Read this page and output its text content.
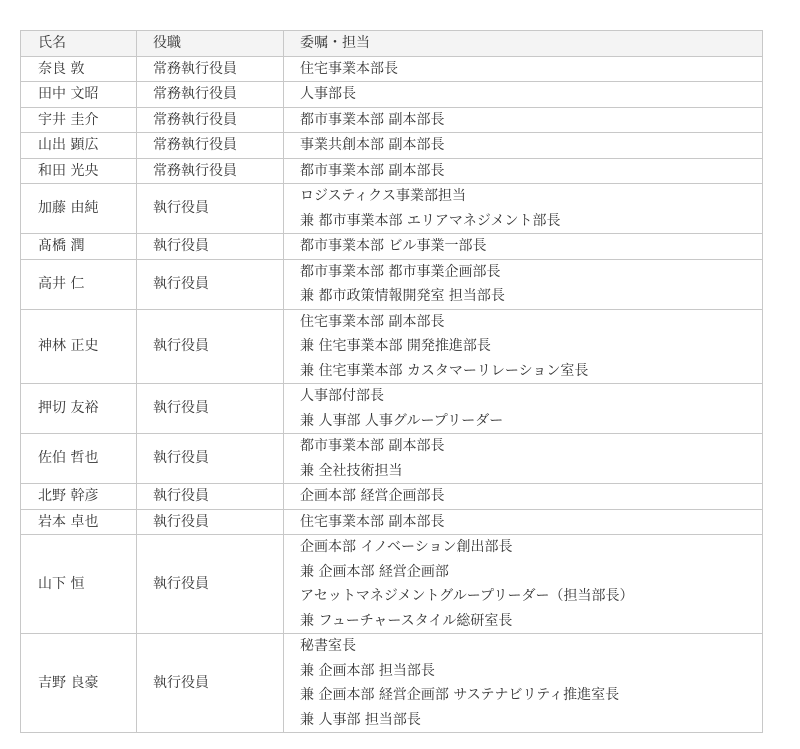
氏名	役職	委嘱・担当
奈良 敦	常務執行役員	住宅事業本部長

田中 文昭	常務執行役員	人事部長

宇井 圭介	常務執行役員	都市事業本部 副本部長

山出 顕広	常務執行役員	事業共創本部 副本部長

和田 光央	常務執行役員	都市事業本部 副本部長

加藤 由純	執行役員	ロジスティクス事業部担当
兼 都市事業本部 エリアマネジメント部長

髙橋 潤	執行役員	都市事業本部 ビル事業一部長

高井 仁	執行役員	都市事業本部 都市事業企画部長
兼 都市政策情報開発室 担当部長

神林 正史	執行役員	住宅事業本部 副本部長
兼 住宅事業本部 開発推進部長
兼 住宅事業本部 カスタマーリレーション室長

押切 友裕	執行役員	人事部付部長
兼 人事部 人事グループリーダー

佐伯 哲也	執行役員	都市事業本部 副本部長
兼 全社技術担当

北野 幹彦	執行役員	企画本部 経営企画部長

岩本 卓也	執行役員	住宅事業本部 副本部長

山下 恒	執行役員	企画本部 イノベーション創出部長
兼 企画本部 経営企画部
アセットマネジメントグループリーダー（担当部長）
兼 フューチャースタイル総研室長

吉野 良豪	執行役員	秘書室長
兼 企画本部 担当部長
兼 企画本部 経営企画部 サステナビリティ推進室長
兼 人事部 担当部長
